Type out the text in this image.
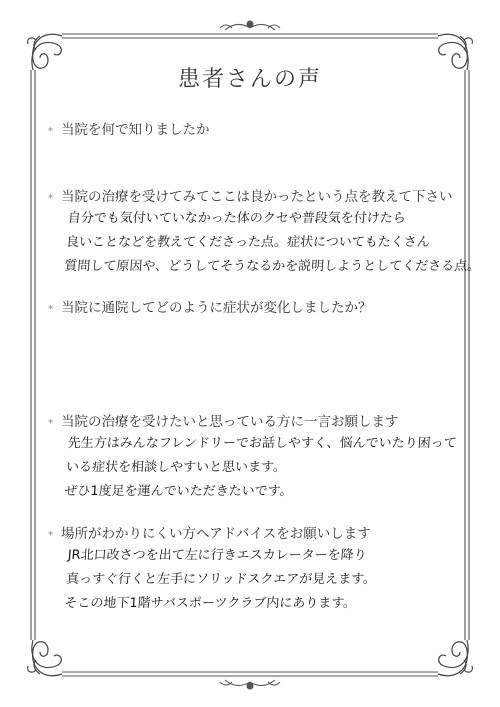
患者さんの声
* 当院を何で知りましたか
* 当院の治療を受けてみてここは良かったという点を教えて下さい
自分でも気付いていなかった体のクセや普段気を付けたら
良いことなどを教えてくださった点。症状についてもたくさん
質問して原因や、どうしてそうなるかを説明しようとしてくださる点。
* 当院に通院してどのように症状が変化しましたか？
* 当院の治療を受けたいと思っている方に一言お願します
先生方はみんなフレンドリーでお話しやすく、悩んでいたり困って
いる症状を相談しやすいと思います。
ぜひ1度足を運んでいただきたいです。
* 場所がわかりにくい方へアドバイスをお願いします
JR北口改さつを出て左に行きエスカレーターを降り
真っすぐ行くと左手にソリッドスクエアが見えます。
そこの地下1階サバスポーツクラブ内にあります。
